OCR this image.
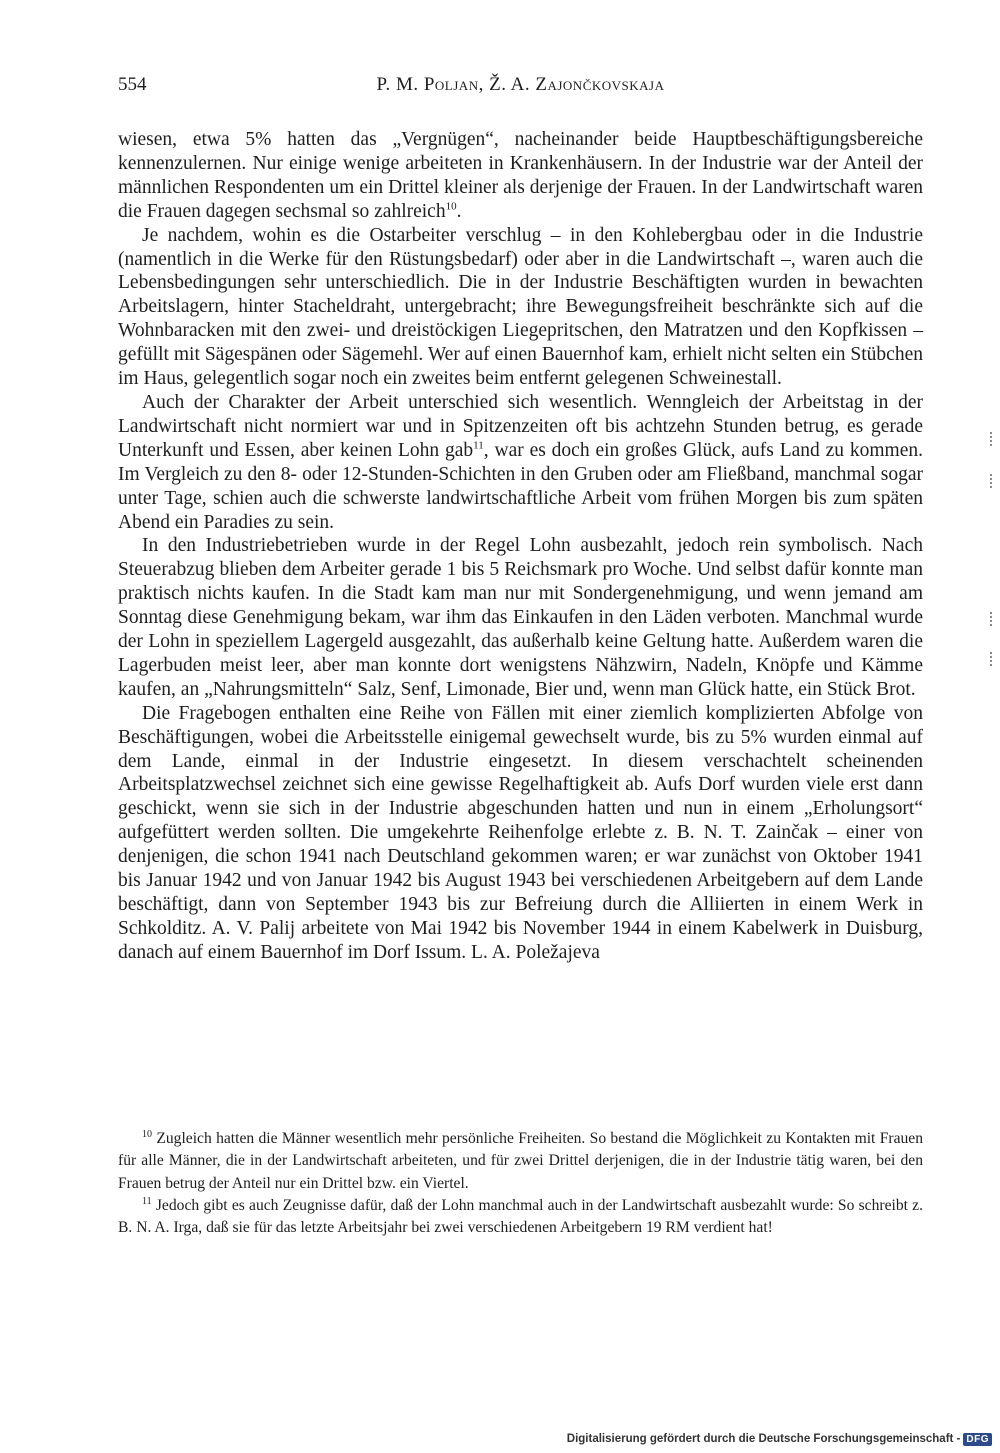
554	P. M. Poljan, Ž. A. Zajončkovskaja

wiesen, etwa 5% hatten das „Vergnügen“, nacheinander beide Hauptbeschäftigungsbereiche kennenzulernen. Nur einige wenige arbeiteten in Krankenhäusern. In der Industrie war der Anteil der männlichen Respondenten um ein Drittel kleiner als derjenige der Frauen. In der Landwirtschaft waren die Frauen dagegen sechsmal so zahlreich$^{10}$.

Je nachdem, wohin es die Ostarbeiter verschlug – in den Kohlebergbau oder in die Industrie (namentlich in die Werke für den Rüstungsbedarf) oder aber in die Landwirtschaft –, waren auch die Lebensbedingungen sehr unterschiedlich. Die in der Industrie Beschäftigten wurden in bewachten Arbeitslagern, hinter Stacheldraht, untergebracht; ihre Bewegungsfreiheit beschränkte sich auf die Wohnbaracken mit den zwei- und dreistöckigen Liegepritschen, den Matratzen und den Kopfkissen – gefüllt mit Sägespänen oder Sägemehl. Wer auf einen Bauernhof kam, erhielt nicht selten ein Stübchen im Haus, gelegentlich sogar noch ein zweites beim entfernt gelegenen Schweinestall.

Auch der Charakter der Arbeit unterschied sich wesentlich. Wenngleich der Arbeitstag in der Landwirtschaft nicht normiert war und in Spitzenzeiten oft bis achtzehn Stunden betrug, es gerade Unterkunft und Essen, aber keinen Lohn gab$^{11}$, war es doch ein großes Glück, aufs Land zu kommen. Im Vergleich zu den 8- oder 12-Stunden-Schichten in den Gruben oder am Fließband, manchmal sogar unter Tage, schien auch die schwerste landwirtschaftliche Arbeit vom frühen Morgen bis zum späten Abend ein Paradies zu sein.

In den Industriebetrieben wurde in der Regel Lohn ausbezahlt, jedoch rein symbolisch. Nach Steuerabzug blieben dem Arbeiter gerade 1 bis 5 Reichsmark pro Woche. Und selbst dafür konnte man praktisch nichts kaufen. In die Stadt kam man nur mit Sondergenehmigung, und wenn jemand am Sonntag diese Genehmigung bekam, war ihm das Einkaufen in den Läden verboten. Manchmal wurde der Lohn in speziellem Lagergeld ausgezahlt, das außerhalb keine Geltung hatte. Außerdem waren die Lagerbuden meist leer, aber man konnte dort wenigstens Nähzwirn, Nadeln, Knöpfe und Kämme kaufen, an „Nahrungsmitteln“ Salz, Senf, Limonade, Bier und, wenn man Glück hatte, ein Stück Brot.

Die Fragebogen enthalten eine Reihe von Fällen mit einer ziemlich komplizierten Abfolge von Beschäftigungen, wobei die Arbeitsstelle einigemal gewechselt wurde, bis zu 5% wurden einmal auf dem Lande, einmal in der Industrie eingesetzt. In diesem verschachtelt scheinenden Arbeitsplatzwechsel zeichnet sich eine gewisse Regelhaftigkeit ab. Aufs Dorf wurden viele erst dann geschickt, wenn sie sich in der Industrie abgeschunden hatten und nun in einem „Erholungsort“ aufgefüttert werden sollten. Die umgekehrte Reihenfolge erlebte z. B. N. T. Zainčak – einer von denjenigen, die schon 1941 nach Deutschland gekommen waren; er war zunächst von Oktober 1941 bis Januar 1942 und von Januar 1942 bis August 1943 bei verschiedenen Arbeitgebern auf dem Lande beschäftigt, dann von September 1943 bis zur Befreiung durch die Alliierten in einem Werk in Schkolditz. A. V. Palij arbeitete von Mai 1942 bis November 1944 in einem Kabelwerk in Duisburg, danach auf einem Bauernhof im Dorf Issum. L. A. Poležajeva

$^{10}$ Zugleich hatten die Männer wesentlich mehr persönliche Freiheiten. So bestand die Möglichkeit zu Kontakten mit Frauen für alle Männer, die in der Landwirtschaft arbeiteten, und für zwei Drittel derjenigen, die in der Industrie tätig waren, bei den Frauen betrug der Anteil nur ein Drittel bzw. ein Viertel.

$^{11}$ Jedoch gibt es auch Zeugnisse dafür, daß der Lohn manchmal auch in der Landwirtschaft ausbezahlt wurde: So schreibt z. B. N. A. Irga, daß sie für das letzte Arbeitsjahr bei zwei verschiedenen Arbeitgebern 19 RM verdient hat!

Digitalisierung gefördert durch die Deutsche Forschungsgemeinschaft - DFG
